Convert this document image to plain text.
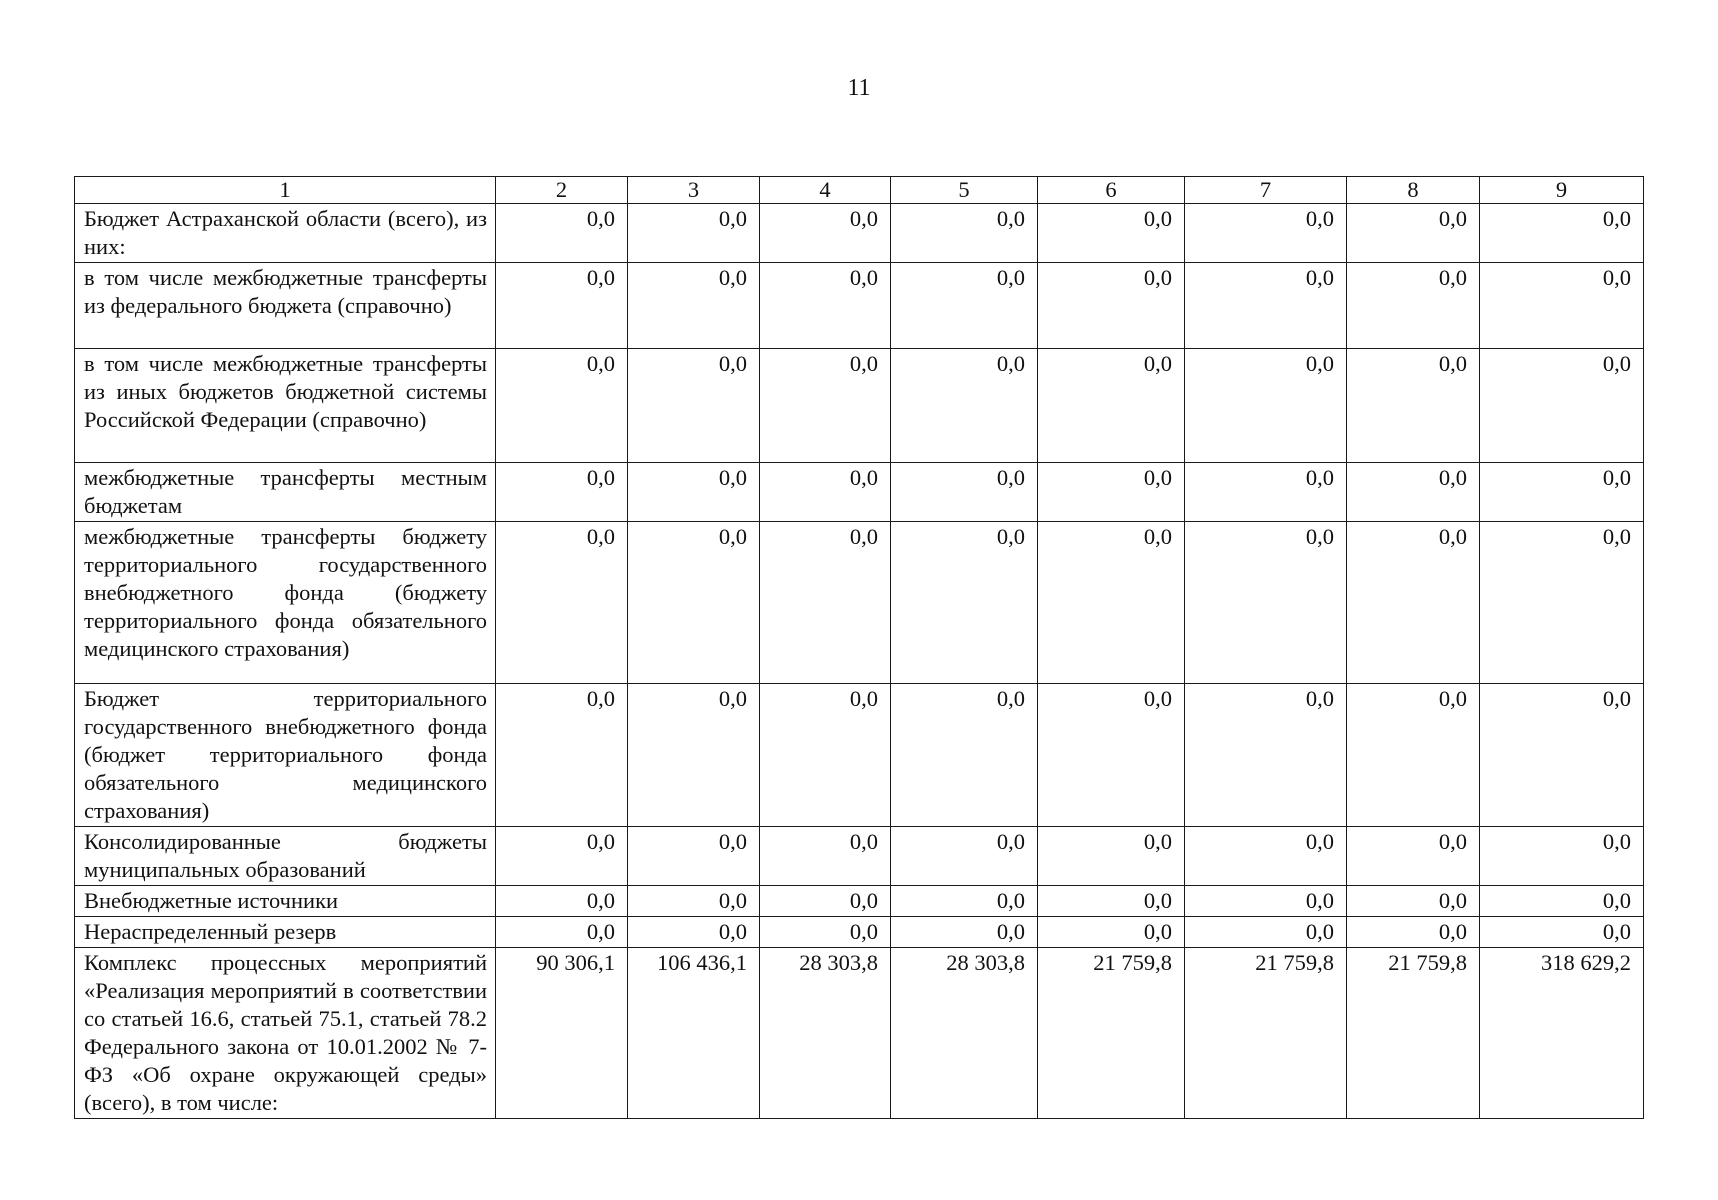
11
1	2	3	4	5	6	7	8	9
Бюджет Астраханской области (всего), из них:	0,0	0,0	0,0	0,0	0,0	0,0	0,0	0,0
в том числе межбюджетные трансферты из федерального бюджета (справочно)	0,0	0,0	0,0	0,0	0,0	0,0	0,0	0,0
в том числе межбюджетные трансферты из иных бюджетов бюджетной системы Российской Федерации (справочно)	0,0	0,0	0,0	0,0	0,0	0,0	0,0	0,0
межбюджетные трансферты местным бюджетам	0,0	0,0	0,0	0,0	0,0	0,0	0,0	0,0
межбюджетные трансферты бюджету территориального государственного внебюджетного фонда (бюджету территориального фонда обязательного медицинского страхования)	0,0	0,0	0,0	0,0	0,0	0,0	0,0	0,0
Бюджет территориального государственного внебюджетного фонда (бюджет территориального фонда обязательного медицинского страхования)	0,0	0,0	0,0	0,0	0,0	0,0	0,0	0,0
Консолидированные бюджеты муниципальных образований	0,0	0,0	0,0	0,0	0,0	0,0	0,0	0,0
Внебюджетные источники	0,0	0,0	0,0	0,0	0,0	0,0	0,0	0,0
Нераспределенный резерв	0,0	0,0	0,0	0,0	0,0	0,0	0,0	0,0
Комплекс процессных мероприятий «Реализация мероприятий в соответствии со статьей 16.6, статьей 75.1, статьей 78.2 Федерального закона от 10.01.2002 № 7-ФЗ «Об охране окружающей среды» (всего), в том числе:	90 306,1	106 436,1	28 303,8	28 303,8	21 759,8	21 759,8	21 759,8	318 629,2
